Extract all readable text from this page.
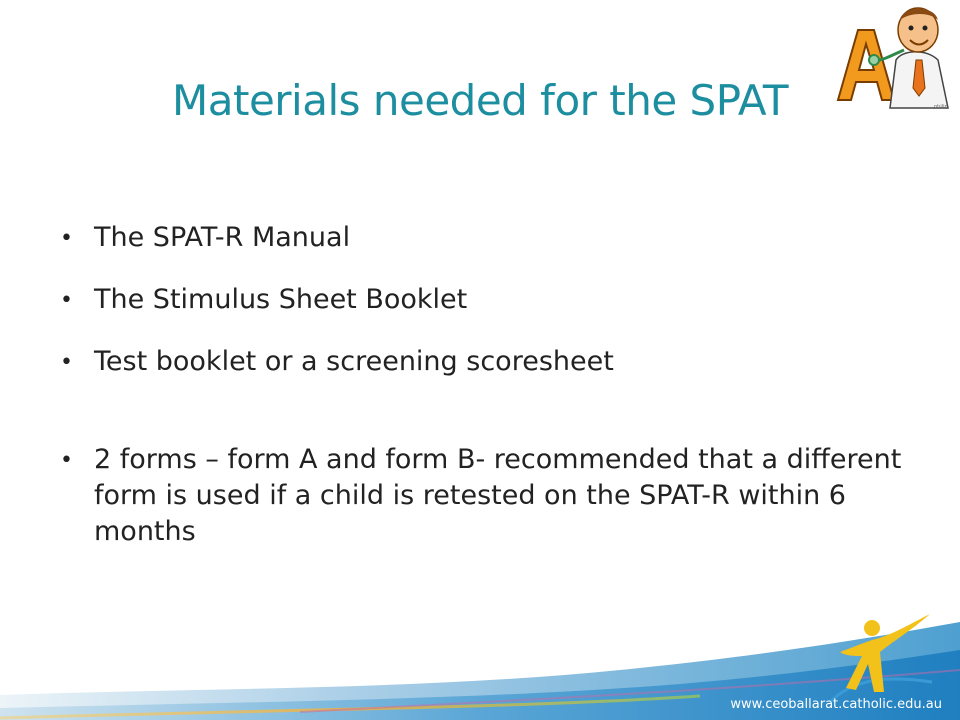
Materials needed for the SPAT
• The SPAT-R Manual
• The Stimulus Sheet Booklet
• Test booklet or a screening scoresheet
• 2 forms – form A and form B- recommended that a different form is used if a child is retested on the SPAT-R within 6 months
philip
www.ceoballarat.catholic.edu.au
